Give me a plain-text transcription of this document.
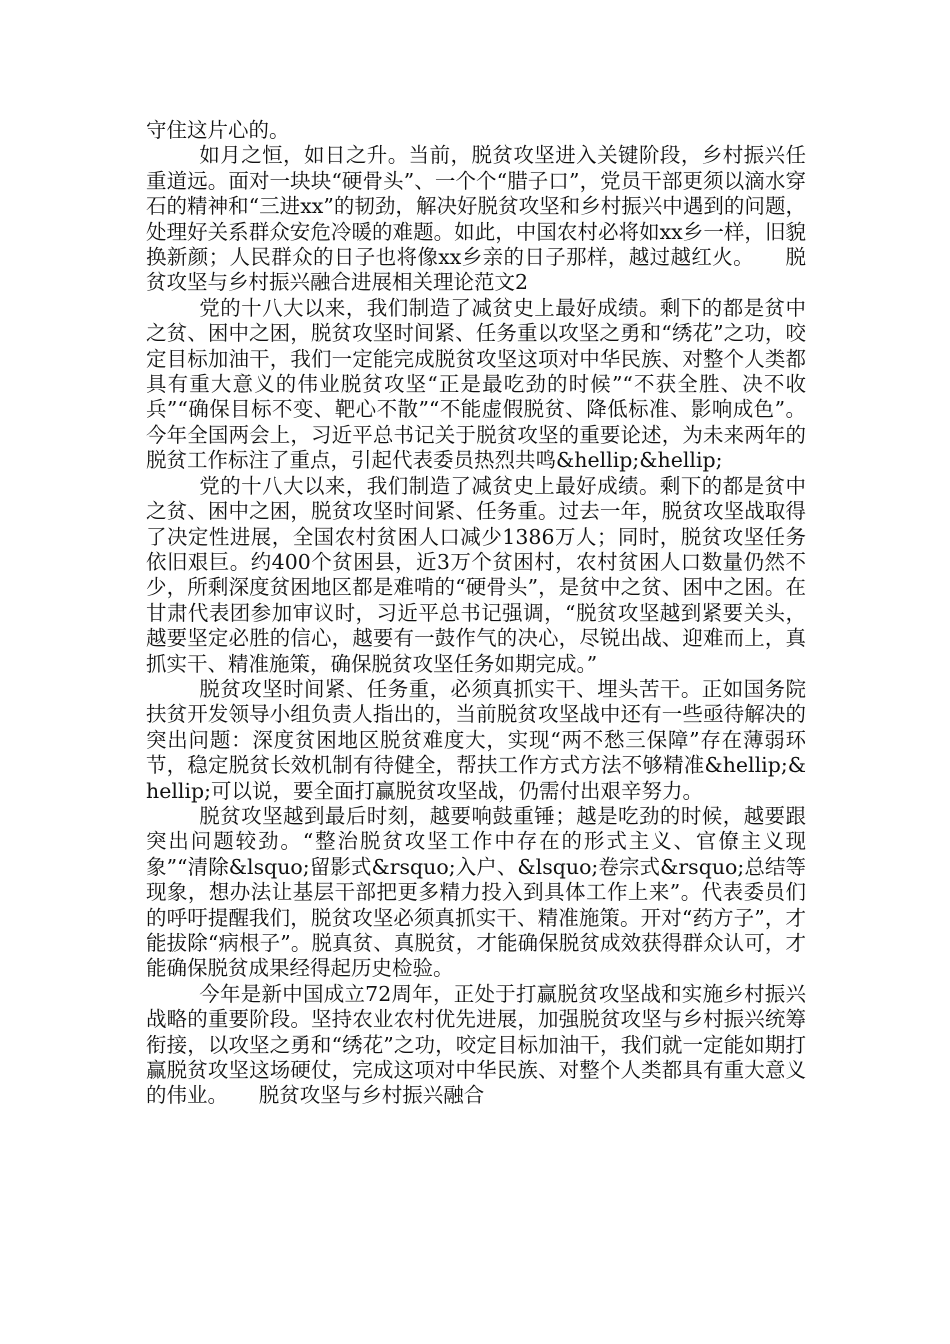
守住这片心的。

如月之恒，如日之升。当前，脱贫攻坚进入关键阶段，乡村振兴任重道远。面对一块块“硬骨头”、一个个“腊子口”，党员干部更须以滴水穿石的精神和“三进xx”的韧劲，解决好脱贫攻坚和乡村振兴中遇到的问题，处理好关系群众安危冷暖的难题。如此，中国农村必将如xx乡一样，旧貌换新颜；人民群众的日子也将像xx乡亲的日子那样，越过越红火。　　脱贫攻坚与乡村振兴融合进展相关理论范文2

党的十八大以来，我们制造了减贫史上最好成绩。剩下的都是贫中之贫、困中之困，脱贫攻坚时间紧、任务重以攻坚之勇和“绣花”之功，咬定目标加油干，我们一定能完成脱贫攻坚这项对中华民族、对整个人类都具有重大意义的伟业脱贫攻坚“正是最吃劲的时候”“不获全胜、决不收兵”“确保目标不变、靶心不散”“不能虚假脱贫、降低标准、影响成色”。今年全国两会上，习近平总书记关于脱贫攻坚的重要论述，为未来两年的脱贫工作标注了重点，引起代表委员热烈共鸣&hellip;&hellip;

党的十八大以来，我们制造了减贫史上最好成绩。剩下的都是贫中之贫、困中之困，脱贫攻坚时间紧、任务重。过去一年，脱贫攻坚战取得了决定性进展，全国农村贫困人口减少1386万人；同时，脱贫攻坚任务依旧艰巨。约400个贫困县，近3万个贫困村，农村贫困人口数量仍然不少，所剩深度贫困地区都是难啃的“硬骨头”，是贫中之贫、困中之困。在甘肃代表团参加审议时，习近平总书记强调，“脱贫攻坚越到紧要关头，越要坚定必胜的信心，越要有一鼓作气的决心，尽锐出战、迎难而上，真抓实干、精准施策，确保脱贫攻坚任务如期完成。”

脱贫攻坚时间紧、任务重，必须真抓实干、埋头苦干。正如国务院扶贫开发领导小组负责人指出的，当前脱贫攻坚战中还有一些亟待解决的突出问题：深度贫困地区脱贫难度大，实现“两不愁三保障”存在薄弱环节，稳定脱贫长效机制有待健全，帮扶工作方式方法不够精准&hellip;&hellip;可以说，要全面打赢脱贫攻坚战，仍需付出艰辛努力。

脱贫攻坚越到最后时刻，越要响鼓重锤；越是吃劲的时候，越要跟突出问题较劲。“整治脱贫攻坚工作中存在的形式主义、官僚主义现象”“清除&lsquo;留影式&rsquo;入户、&lsquo;卷宗式&rsquo;总结等现象，想办法让基层干部把更多精力投入到具体工作上来”。代表委员们的呼吁提醒我们，脱贫攻坚必须真抓实干、精准施策。开对“药方子”，才能拔除“病根子”。脱真贫、真脱贫，才能确保脱贫成效获得群众认可，才能确保脱贫成果经得起历史检验。

今年是新中国成立72周年，正处于打赢脱贫攻坚战和实施乡村振兴战略的重要阶段。坚持农业农村优先进展，加强脱贫攻坚与乡村振兴统筹衔接，以攻坚之勇和“绣花”之功，咬定目标加油干，我们就一定能如期打赢脱贫攻坚这场硬仗，完成这项对中华民族、对整个人类都具有重大意义的伟业。　　脱贫攻坚与乡村振兴融合
